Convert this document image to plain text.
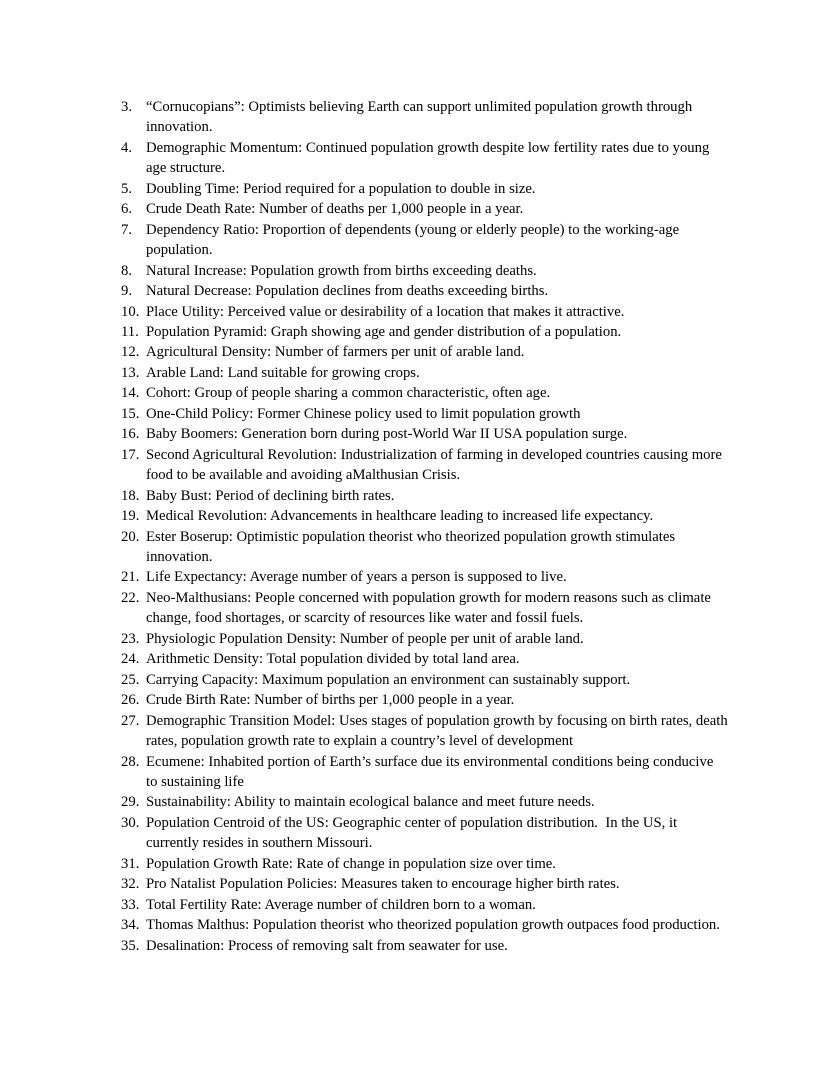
3. “Cornucopians”: Optimists believing Earth can support unlimited population growth through innovation.
4. Demographic Momentum: Continued population growth despite low fertility rates due to young age structure.
5. Doubling Time: Period required for a population to double in size.
6. Crude Death Rate: Number of deaths per 1,000 people in a year.
7. Dependency Ratio: Proportion of dependents (young or elderly people) to the working-age population.
8. Natural Increase: Population growth from births exceeding deaths.
9. Natural Decrease: Population declines from deaths exceeding births.
10. Place Utility: Perceived value or desirability of a location that makes it attractive.
11. Population Pyramid: Graph showing age and gender distribution of a population.
12. Agricultural Density: Number of farmers per unit of arable land.
13. Arable Land: Land suitable for growing crops.
14. Cohort: Group of people sharing a common characteristic, often age.
15. One-Child Policy: Former Chinese policy used to limit population growth
16. Baby Boomers: Generation born during post-World War II USA population surge.
17. Second Agricultural Revolution: Industrialization of farming in developed countries causing more food to be available and avoiding aMalthusian Crisis.
18. Baby Bust: Period of declining birth rates.
19. Medical Revolution: Advancements in healthcare leading to increased life expectancy.
20. Ester Boserup: Optimistic population theorist who theorized population growth stimulates innovation.
21. Life Expectancy: Average number of years a person is supposed to live.
22. Neo-Malthusians: People concerned with population growth for modern reasons such as climate change, food shortages, or scarcity of resources like water and fossil fuels.
23. Physiologic Population Density: Number of people per unit of arable land.
24. Arithmetic Density: Total population divided by total land area.
25. Carrying Capacity: Maximum population an environment can sustainably support.
26. Crude Birth Rate: Number of births per 1,000 people in a year.
27. Demographic Transition Model: Uses stages of population growth by focusing on birth rates, death rates, population growth rate to explain a country’s level of development
28. Ecumene: Inhabited portion of Earth’s surface due its environmental conditions being conducive to sustaining life
29. Sustainability: Ability to maintain ecological balance and meet future needs.
30. Population Centroid of the US: Geographic center of population distribution.  In the US, it currently resides in southern Missouri.
31. Population Growth Rate: Rate of change in population size over time.
32. Pro Natalist Population Policies: Measures taken to encourage higher birth rates.
33. Total Fertility Rate: Average number of children born to a woman.
34. Thomas Malthus: Population theorist who theorized population growth outpaces food production.
35. Desalination: Process of removing salt from seawater for use.
